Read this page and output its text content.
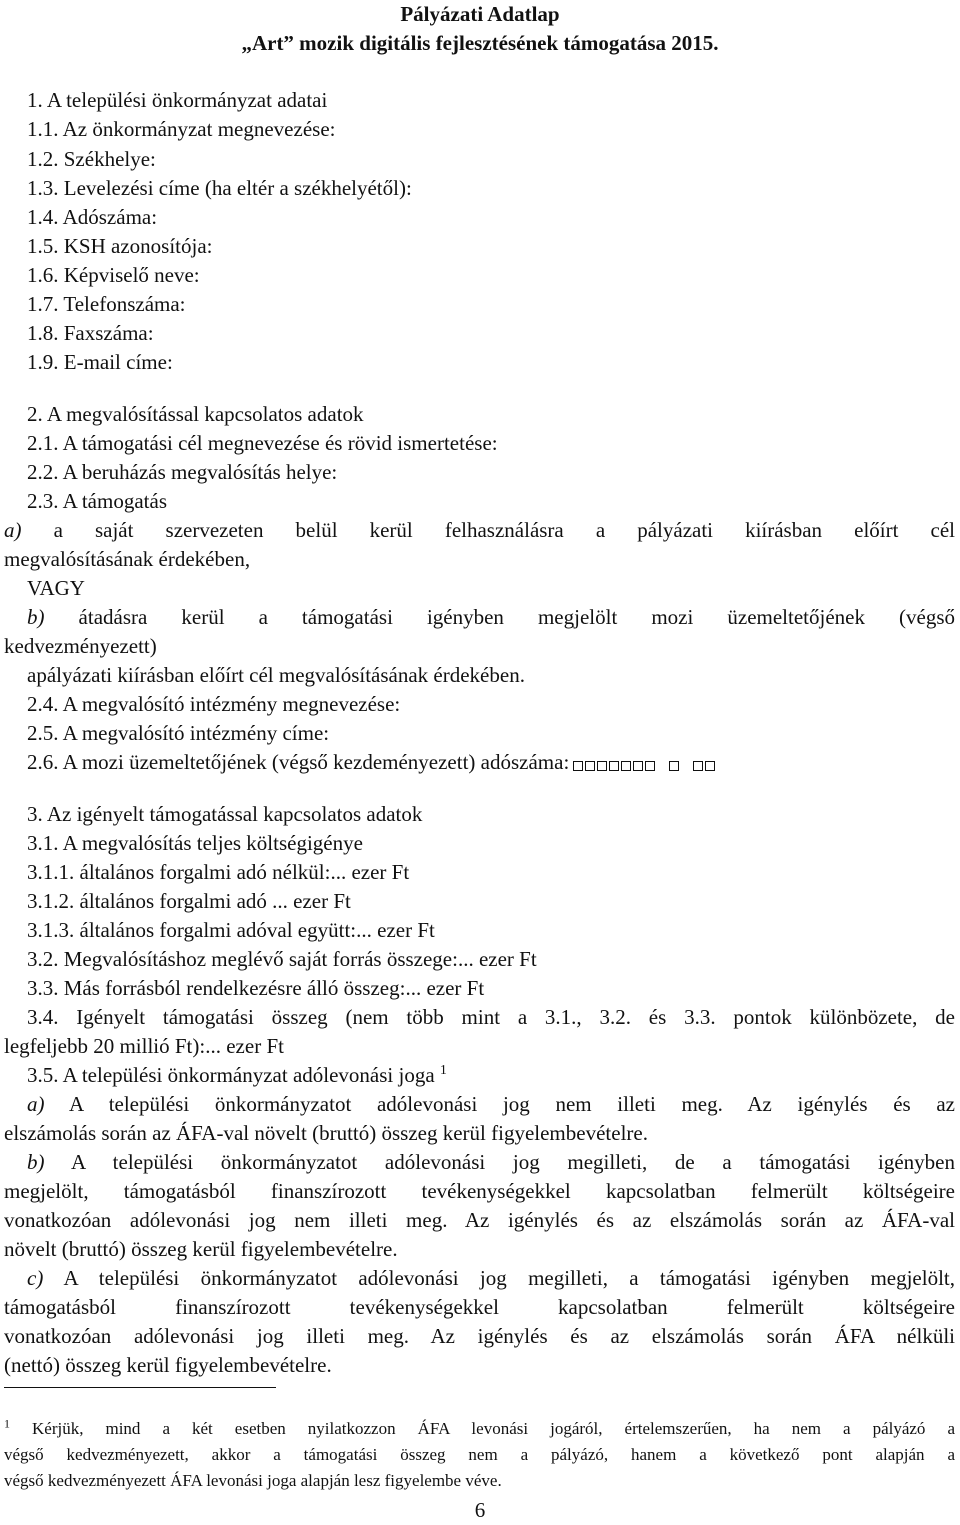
Pályázati Adatlap
„Art” mozik digitális fejlesztésének támogatása 2015.
1. A települési önkormányzat adatai
1.1. Az önkormányzat megnevezése:
1.2. Székhelye:
1.3. Levelezési címe (ha eltér a székhelyétől):
1.4. Adószáma:
1.5. KSH azonosítója:
1.6. Képviselő neve:
1.7. Telefonszáma:
1.8. Faxszáma:
1.9. E-mail címe:
2. A megvalósítással kapcsolatos adatok
2.1. A támogatási cél megnevezése és rövid ismertetése:
2.2. A beruházás megvalósítás helye:
2.3. A támogatás
a) a saját szervezeten belül kerül felhasználásra a pályázati kiírásban előírt cél
megvalósításának érdekében,
VAGY
b) átadásra kerül a támogatási igényben megjelölt mozi üzemeltetőjének (végső
kedvezményezett)
apályázati kiírásban előírt cél megvalósításának érdekében.
2.4. A megvalósító intézmény megnevezése:
2.5. A megvalósító intézmény címe:
2.6. A mozi üzemeltetőjének (végső kezdeményezett) adószáma:
3. Az igényelt támogatással kapcsolatos adatok
3.1. A megvalósítás teljes költségigénye
3.1.1. általános forgalmi adó nélkül:... ezer Ft
3.1.2. általános forgalmi adó ... ezer Ft
3.1.3. általános forgalmi adóval együtt:... ezer Ft
3.2. Megvalósításhoz meglévő saját forrás összege:... ezer Ft
3.3. Más forrásból rendelkezésre álló összeg:... ezer Ft
3.4. Igényelt támogatási összeg (nem több mint a 3.1., 3.2. és 3.3. pontok különbözete, de
legfeljebb 20 millió Ft):... ezer Ft
3.5. A települési önkormányzat adólevonási joga $^1$
a) A települési önkormányzatot adólevonási jog nem illeti meg. Az igénylés és az
elszámolás során az ÁFA-val növelt (bruttó) összeg kerül figyelembevételre.
b) A települési önkormányzatot adólevonási jog megilleti, de a támogatási igényben
megjelölt, támogatásból finanszírozott tevékenységekkel kapcsolatban felmerült költségeire
vonatkozóan adólevonási jog nem illeti meg. Az igénylés és az elszámolás során az ÁFA-val
növelt (bruttó) összeg kerül figyelembevételre.
c) A települési önkormányzatot adólevonási jog megilleti, a támogatási igényben megjelölt,
támogatásból finanszírozott tevékenységekkel kapcsolatban felmerült költségeire
vonatkozóan adólevonási jog illeti meg. Az igénylés és az elszámolás során ÁFA nélküli
(nettó) összeg kerül figyelembevételre.
$^1$ Kérjük, mind a két esetben nyilatkozzon ÁFA levonási jogáról, értelemszerűen, ha nem a pályázó a
végső kedvezményezett, akkor a támogatási összeg nem a pályázó, hanem a következő pont alapján a
végső kedvezményezett ÁFA levonási joga alapján lesz figyelembe véve.
6
